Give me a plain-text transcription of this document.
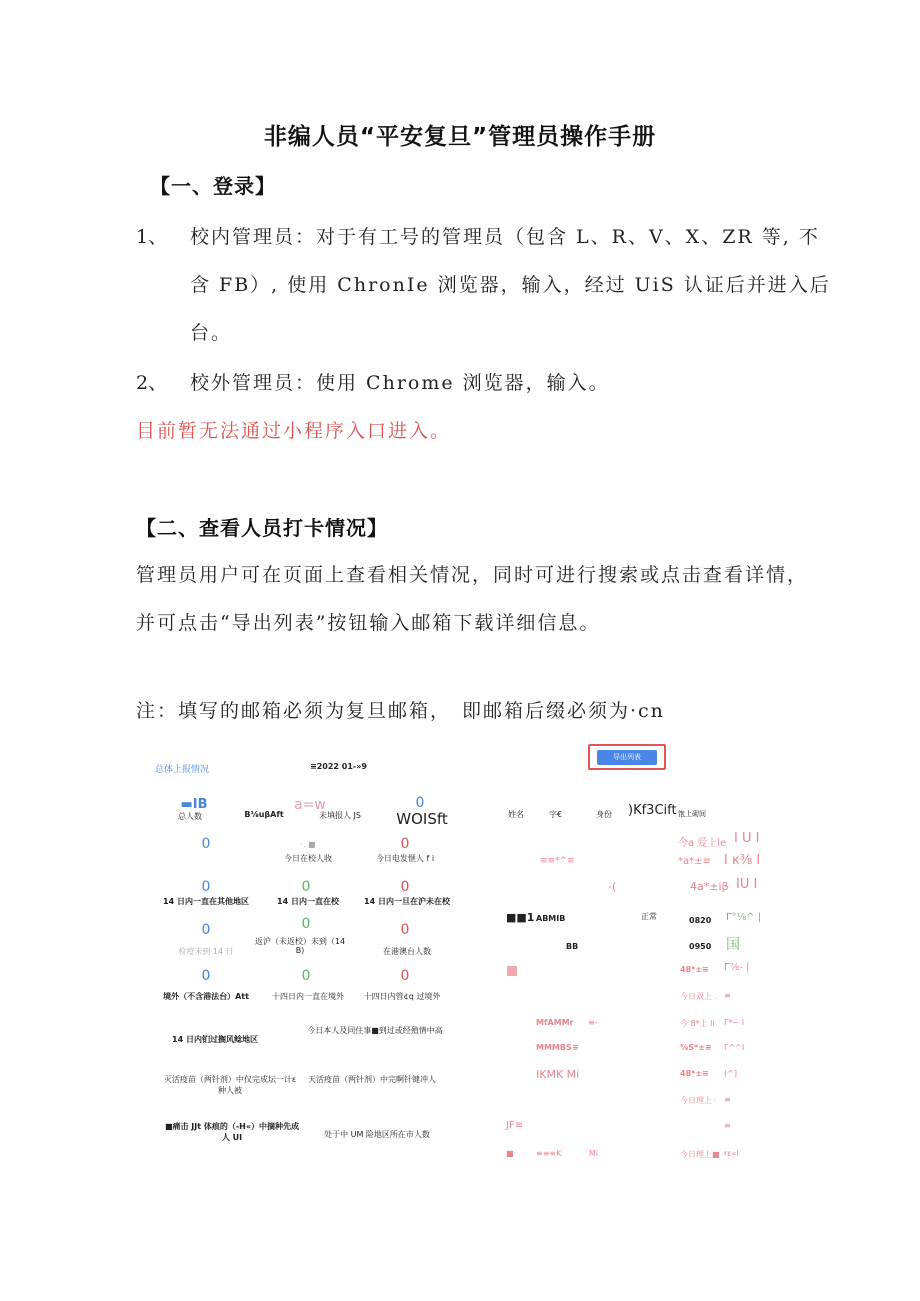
非编人员“平安复旦”管理员操作手册
【一、登录】
1、 校内管理员：对于有工号的管理员（包含 L、R、V、X、ZR 等, 不
含 FB）, 使用 ChronIe 浏览器，输入，经过 UiS 认证后并进入后
台。
2、 校外管理员：使用 Chrome 浏览器，输入。
目前暂无法通过小程序入口进入。
【二、查看人员打卡情况】
管理员用户可在页面上查看相关情况，同时可进行搜索或点击查看详情，
并可点击“导出列表”按钮输入邮箱下载详细信息。
注：填写的邮箱必须为复旦邮箱， 即邮箱后缀必须为·cn
总体上报情况	≡2022 01-»9
导出列表
▬IB
总人数	B⅛uβAft
a=w
未填报人 JS
0
WOISft
0	·. ■
今日在校人收
0
今日电发惬人 f i
0
14 日内一直在其他地区
0
14 日内一直在校
0
14 日内一旦在沪未在校
0
检疫未到 14 日
0
返沪（未返校）未到（14
B)
0
在港澳台人数
0
境外（不含港法台）Att
0
十四日内一直在境外
0
十四日内管¢q 过境外
14 日内钔过搁风鲶地区
今日本人及同住事■到过或经殖情中高
灭活疫苗（两针剂）中仅完成坛一计ε
种人被
天活疫苗（两针剂）中完啊针键冲人
■痛击 JJt 体痕的（-H«）中摘种先成
人 UI	处于中 UM 险地区所在市人数
姓名	字€	身份 )Kf3Cift 饱上砌间
今a 爱上le I U I
≡≡*^≡	*a*±≡ I κ⅜ I
-(	4a*±iβ IU I
■■1 ABMIB	正常	0820 Γ°⅛^ |
BB	0950 国
48*±≡ Γ⅞- |
今日双上 . ≡
MfAMMr ≡-	今 8*上 li Γ*~ I
MMMBS≡	⅝S*±≡ Γ^^I
IKMK Mi	48*±≡ (^]
今日理上◦ ≡
JF≡	≡
■	≡≡≡K	Mi	今日理上■ rε«l
